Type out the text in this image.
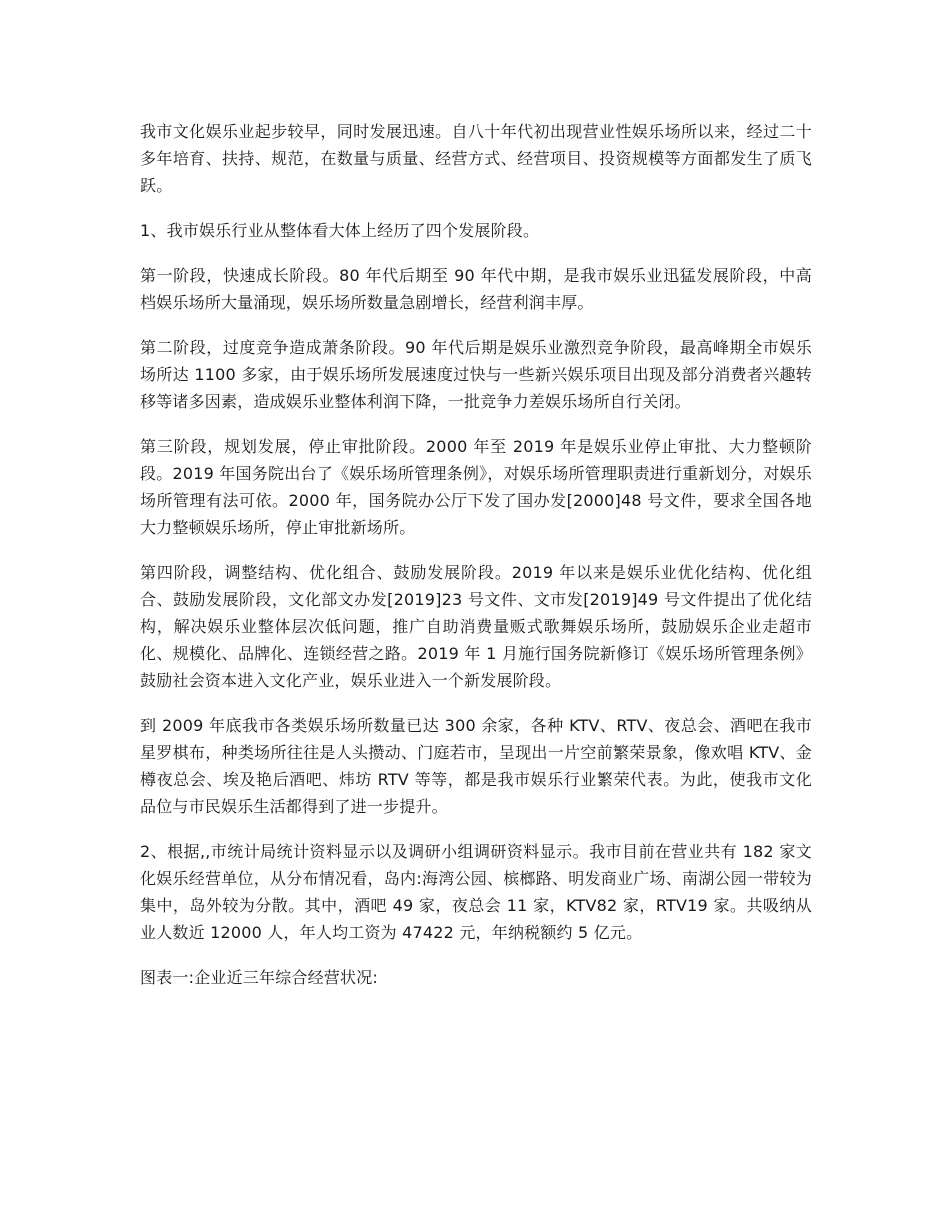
我市文化娱乐业起步较早，同时发展迅速。自八十年代初出现营业性娱乐场所以来，经过二十多年培育、扶持、规范，在数量与质量、经营方式、经营项目、投资规模等方面都发生了质飞跃。

1、我市娱乐行业从整体看大体上经历了四个发展阶段。

第一阶段，快速成长阶段。80 年代后期至 90 年代中期，是我市娱乐业迅猛发展阶段，中高档娱乐场所大量涌现，娱乐场所数量急剧增长，经营利润丰厚。

第二阶段，过度竞争造成萧条阶段。90 年代后期是娱乐业激烈竞争阶段，最高峰期全市娱乐场所达 1100 多家，由于娱乐场所发展速度过快与一些新兴娱乐项目出现及部分消费者兴趣转移等诸多因素，造成娱乐业整体利润下降，一批竞争力差娱乐场所自行关闭。

第三阶段，规划发展，停止审批阶段。2000 年至 2019 年是娱乐业停止审批、大力整顿阶段。2019 年国务院出台了《娱乐场所管理条例》，对娱乐场所管理职责进行重新划分，对娱乐场所管理有法可依。2000 年，国务院办公厅下发了国办发[2000]48 号文件，要求全国各地大力整顿娱乐场所，停止审批新场所。

第四阶段，调整结构、优化组合、鼓励发展阶段。2019 年以来是娱乐业优化结构、优化组合、鼓励发展阶段，文化部文办发[2019]23 号文件、文市发[2019]49 号文件提出了优化结构，解决娱乐业整体层次低问题，推广自助消费量贩式歌舞娱乐场所，鼓励娱乐企业走超市化、规模化、品牌化、连锁经营之路。2019 年 1 月施行国务院新修订《娱乐场所管理条例》鼓励社会资本进入文化产业，娱乐业进入一个新发展阶段。

到 2009 年底我市各类娱乐场所数量已达 300 余家，各种 KTV、RTV、夜总会、酒吧在我市星罗棋布，种类场所往往是人头攒动、门庭若市，呈现出一片空前繁荣景象，像欢唱 KTV、金樽夜总会、埃及艳后酒吧、炜坊 RTV 等等，都是我市娱乐行业繁荣代表。为此，使我市文化品位与市民娱乐生活都得到了进一步提升。

2、根据,,市统计局统计资料显示以及调研小组调研资料显示。我市目前在营业共有 182 家文化娱乐经营单位，从分布情况看，岛内:海湾公园、槟榔路、明发商业广场、南湖公园一带较为集中，岛外较为分散。其中，酒吧 49 家，夜总会 11 家，KTV82 家，RTV19 家。共吸纳从业人数近 12000 人，年人均工资为 47422 元，年纳税额约 5 亿元。

图表一:企业近三年综合经营状况:
